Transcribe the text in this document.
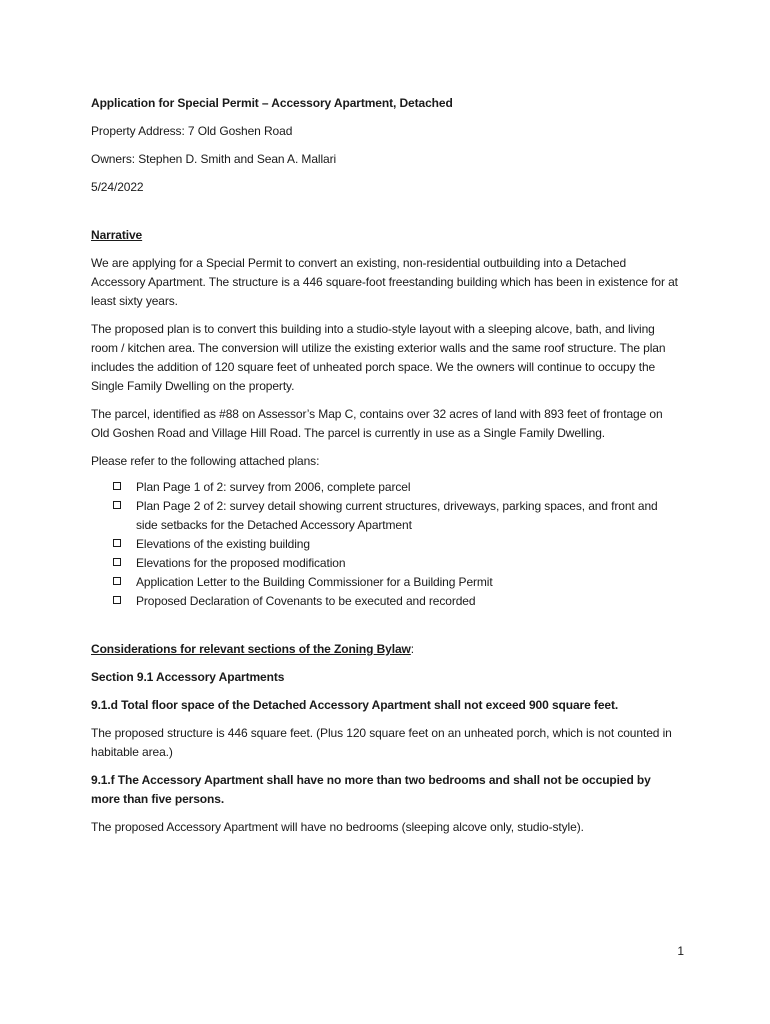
Application for Special Permit – Accessory Apartment, Detached

Property Address: 7 Old Goshen Road

Owners: Stephen D. Smith and Sean A. Mallari

5/24/2022

Narrative

We are applying for a Special Permit to convert an existing, non-residential outbuilding into a Detached Accessory Apartment. The structure is a 446 square-foot freestanding building which has been in existence for at least sixty years.

The proposed plan is to convert this building into a studio-style layout with a sleeping alcove, bath, and living room / kitchen area. The conversion will utilize the existing exterior walls and the same roof structure. The plan includes the addition of 120 square feet of unheated porch space. We the owners will continue to occupy the Single Family Dwelling on the property.

The parcel, identified as #88 on Assessor’s Map C, contains over 32 acres of land with 893 feet of frontage on Old Goshen Road and Village Hill Road. The parcel is currently in use as a Single Family Dwelling.

Please refer to the following attached plans:

Plan Page 1 of 2: survey from 2006, complete parcel
Plan Page 2 of 2: survey detail showing current structures, driveways, parking spaces, and front and side setbacks for the Detached Accessory Apartment
Elevations of the existing building
Elevations for the proposed modification
Application Letter to the Building Commissioner for a Building Permit
Proposed Declaration of Covenants to be executed and recorded

Considerations for relevant sections of the Zoning Bylaw:

Section 9.1 Accessory Apartments

9.1.d Total floor space of the Detached Accessory Apartment shall not exceed 900 square feet.

The proposed structure is 446 square feet. (Plus 120 square feet on an unheated porch, which is not counted in habitable area.)

9.1.f The Accessory Apartment shall have no more than two bedrooms and shall not be occupied by more than five persons.

The proposed Accessory Apartment will have no bedrooms (sleeping alcove only, studio-style).

1
